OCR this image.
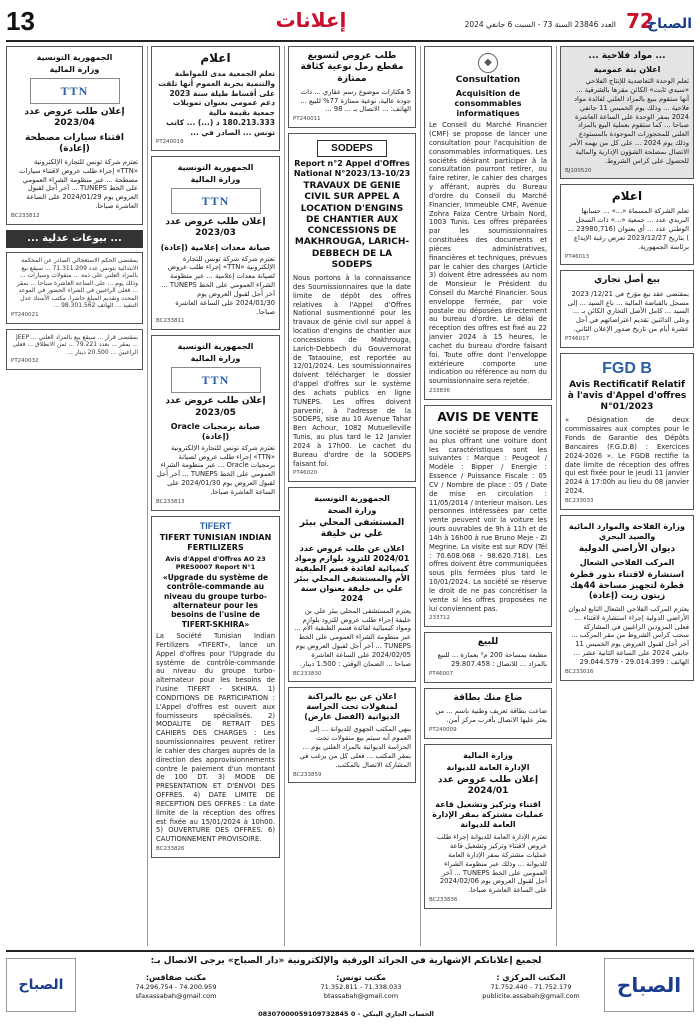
13	إعلانات	العدد 23846 السنة 73 - السبت 6 جانفي 2024 72
الصباح
... مواد فلاحية ...
اعلان بتة عمومية
تعلم الوحدة التعاضدية للإنتاج الفلاحي «سيدي ثابت» الكائن مقرها بالشرقية ... أنها ستقوم ببيع بالمزاد العلني لفائدة مواد فلاحية ... وذلك يوم الخميس 11 جانفي 2024 بمقر الوحدة على الساعة العاشرة صباحا ... كما ستقوم بعملية البيع بالمزاد العلني للمحجوزات الموجودة بالمستودع وذلك يوم 2024 ... على كل من يهمه الأمر الاتصال بمصلحة الشؤون الإدارية والمالية للحصول على كراس الشروط.
BJ100520
اعلام
تعلم الشركة المسماة «...» ... حسابها البريدي عدد ... جمعية «...» ذات السجل الوطني عدد ... أي بعنوان (23980,716 ... ) بتاريخ 2023/12/27 تعرض رغبة الإيداع برئاسة الجمهورية.
PT46013
بيع أصل تجاري
بمقتضى عقد بيع مؤرخ في 12/21/ 2023 مسجل بالقباضة المالية ... باع السيد ... إلى السيد ... كامل الأصل التجاري الكائن بـ ... وعلى الدائنين تقديم اعتراضاتهم في أجل عشرة أيام من تاريخ صدور الإعلان الثاني.
PT46017
FGD B
Avis Rectificatif Relatif à l'avis d'Appel d'offres N°01/2023
« Désignation de deux commissaires aux comptes pour le Fonds de Garantie des Dépôts Bancaires (F.G.D.B) : Exercices 2024-2026 ». Le FGDB rectifie la date limite de réception des offres qui est fixée pour le jeudi 11 janvier 2024 à 17:00h au lieu du 08 janvier 2024.
BC233033
وزارة الفلاحة والموارد المائية والصيد البحري
ديوان الأراضي الدولية
المركب الفلاحي الشعال
استشارة لاقتناء بذور قطرة قطرة لتجهيز مساحة 44هك زيتون زيت (إعادة)
يعتزم المركب الفلاحي الشعال التابع لديوان الأراضي الدولية إجراء استشارة لاقتناء ... فعلى المزودين الراغبين في المشاركة سحب كراس الشروط من مقر المركب ... آخر أجل لقبول العروض يوم الخميس 11 جانفي 2024 على الساعة الثانية عشر ... الهاتف : 29.014.399 - 29.044.579
BC233016
◆
Consultation
Acquisition de consommables informatiques
Le Conseil du Marché Financier (CMF) se propose de lancer une consultation pour l'acquisition de consommables informatiques. Les sociétés désirant participer à la consultation pourront retirer, ou faire retirer, le cahier des charges y afférant, auprès du Bureau d'ordre du Conseil du Marché Financier, Immeuble CMF, Avenue Zohra Faiza Centre Urbain Nord, 1003 Tunis. Les offres préparées par les soumissionnaires constituées des documents et pièces administratives, financières et techniques, prévues par le cahier des charges (Article 3) doivent être adressées au nom de Monsieur le Président du Conseil du Marché Financier. Sous enveloppe fermée, par voie postale ou déposées directement au bureau d'ordre. Le délai de réception des offres est fixé au 22 janvier 2024 à 15 heures, le cachet du bureau d'ordre faisant foi. Toute offre dont l'enveloppe extérieure comporte une indication ou référence au nom du soumissionnaire sera rejetée.
233836
AVIS DE VENTE
Une société se propose de vendre au plus offrant une voiture dont les caractéristiques sont les suivantes : Marque : Peugeot / Modèle : Bipper / Energie : Essence / Puissance Fiscale : 05 CV / Nombre de place : 05 / Date de mise en circulation : 11/05/2014 / Interieur maison. Les personnes intéressées par cette vente peuvent voir la voiture les jours ouvrables de 9h à 11h et de 14h à 16h00 à rue Bruno Meje - ZI Megrine. La visite est sur RDV (Tél : 70.608.068 - 98.620.718). Les offres doivent être communiquées sous plis fermées plus tard le 10/01/2024. La société se réserve le droit de ne pas concrétiser la vente si les offres proposées ne lui conviennent pas.
233712
للبيع
مطبعة بمساحة 200 م² بعمارة ... للبيع بالمزاد ... للاتصال : 29.807.458
PT46007
ضاع منك بطاقة
ضاعت بطاقة تعريف وطنية باسم ... من يعثر عليها الاتصال بأقرب مركز أمن.
PT240009
وزارة المالية
الإدارة العامة للديوانة
إعلان طلب عروض عدد 2024/01
اقتناء وتركيز وتشغيل قاعة عمليات مشتركة بمقر الإدارة العامة للديوانة
تعتزم الإدارة العامة للديوانة إجراء طلب عروض لاقتناء وتركيز وتشغيل قاعة عمليات مشتركة بمقر الإدارة العامة للديوانة ... وذلك عبر منظومة الشراء العمومي على الخط TUNEPS ... آخر أجل لقبول العروض يوم 2024/02/06 على الساعة العاشرة صباحا.
BC233836
طلب عروض لتسويغ مقطع رمل نوعية كثافة ممتازة
5 هكتارات موضوع رسم عقاري ... ذات جودة عالية، نوعية ممتازة 77% للبيع ... الهاتف: ... الاتصال بـ ... 98 ...
PT240011
SODEPS
Report n°2 Appel d'Offres National N°2023/13-10/23
TRAVAUX DE GENIE CIVIL SUR APPEL A LOCATION D'ENGINS DE CHANTIER AUX CONCESSIONS DE MAKHROUGA, LARICH-DEBBECH DE LA SODEPS
Nous portons à la connaissance des Soumissionnaires que la date limite de dépôt des offres relatives à l'Appel d'Offres National susmentionné pour les travaux de génie civil sur appel à location d'engins de chantier aux concessions de Makhrouga, Larich-Debbech du Gouvernorat de Tataouine, est reportée au 12/01/2024. Les soumissionnaires doivent télécharger le dossier d'appel d'offres sur le système des achats publics en ligne TUNEPS. Les offres doivent parvenir, à l'adresse de la SODEPS, sise au 10 Avenue Tahar Ben Achour, 1082 Mutuelleville Tunis, au plus tard le 12 Janvier 2024 à 17h00. Le cachet du Bureau d'ordre de la SODEPS faisant foi.
PT46020
الجمهورية التونسية
وزارة الصحة
المستشفى المحلي ببئر علي بن خليفة
اعلان عن طلب عروض عدد 2024/01 للتزود بلوازم ومواد كيميائية لفائدة قسم الطبقية الأم والمستشفى المحلي ببئر علي بن خليفة بعنوان سنة 2024
يعتزم المستشفى المحلي ببئر علي بن خليفة إجراء طلب عروض للتزود بلوازم ومواد كيميائية لفائدة قسم الطبقية الأم ... عبر منظومة الشراء العمومي على الخط TUNEPS ... آخر أجل لقبول العروض يوم 2024/02/05 على الساعة العاشرة صباحا ... الضمان الوقتي : 1.500 دينار.
BC233830
اعلان عن بيع بالمراكنة لمنقولات تحت الحراسة الديوانية (الفصل عارض)
ينهي المكتب الجهوي للديوانة ... إلى العموم أنه سيتم بيع منقولات تحت الحراسة الديوانية بالمزاد العلني يوم ... بمقر المكتب ... فعلى كل من يرغب في المشاركة الاتصال بالمكتب.
BC233859
اعلام
تعلم الجمعية مدى للمواطنة والتنمية بجربة العموم أنها تلقت على أقساط طيلة سنة 2023 دعم عمومي بعنوان تمويلات جمعية بقيمة مالية 180.213.333 د (...) ... كاتب تونس ... الصادر في ...
PT240018
الجمهورية التونسية
وزارة المالية
TTN
إعلان طلب عروض عدد 2023/03
صيانة معدات إعلامية (إعادة)
تعتزم شركة شركة تونس للتجارة الإلكترونية «TTN» إجراء طلب عروض لصيانة معدات إعلامية ... عبر منظومة الشراء العمومي على الخط TUNEPS ... آخر أجل لقبول العروض يوم 2024/01/30 على الساعة العاشرة صباحا.
BC233811
الجمهورية التونسية
وزارة المالية
TTN
إعلان طلب عروض عدد 2023/05
صيانة برمجيات Oracle (إعادة)
تعتزم شركة تونس للتجارة الإلكترونية «TTN» إجراء طلب عروض لصيانة برمجيات Oracle ... عبر منظومة الشراء العمومي على الخط TUNEPS ... آخر أجل لقبول العروض يوم 2024/01/30 على الساعة العاشرة صباحا.
BC233813
TIFERT
TIFERT TUNISIAN INDIAN FERTILIZERS
Avis d'Appel d'Offres AO 23 PRES0007 Report N°1
«Upgrade du système de contrôle-commande au niveau du groupe turbo-alternateur pour les besoins de l'usine de TIFERT-SKHIRA»
La Société Tunisian Indian Fertilizers «TIFERT», lance un Appel d'offres pour l'Upgrade du système de contrôle-commande au niveau du groupe turbo-alternateur pour les besoins de l'usine TIFERT - SKHIRA. 1) CONDITIONS DE PARTICIPATION : L'Appel d'offres est ouvert aux fournisseurs spécialisés. 2) MODALITE DE RETRAIT DES CAHIERS DES CHARGES : Les soumissionnaires peuvent retirer le cahier des charges auprès de la direction des approvisionnements contre le paiement d'un montant de 100 DT. 3) MODE DE PRESENTATION ET D'ENVOI DES OFFRES. 4) DATE LIMITE DE RECEPTION DES OFFRES : La date limite de la réception des offres est fixée au 15/01/2024 à 10h00. 5) OUVERTURE DES OFFRES. 6) CAUTIONNEMENT PROVISOIRE.
BC233826
الجمهورية التونسية
وزارة المالية
TTN
إعلان طلب عروض عدد 2023/04
اقتناء سيارات مصطحة (إعادة)
تعتزم شركة تونس للتجارة الإلكترونية «TTN» إجراء طلب عروض لاقتناء سيارات مصطحة ... عبر منظومة الشراء العمومي على الخط TUNEPS ... آخر أجل لقبول العروض يوم 2024/01/29 على الساعة العاشرة صباحا.
BC233812
... بيوعات عدلية ...
بمقتضى الحكم الاستعجالي الصادر عن المحكمة الابتدائية بتونس عدد 71.311.209 ... سيقع بيع بالمزاد العلني على ذمة ... منقولات وسيارات ... وذلك يوم ... على الساعة العاشرة صباحا ... بمقر ... فعلى الراغبين في الشراء الحضور في الموعد المحدد وتقديم المبلغ حاضرا. مكتب الأستاذ عدل التنفيذ ... الهاتف 98.301.562 ...
PT240021
بمقتضى قرار ... سيقع بيع بالمزاد العلني ... JEEP ... بمقر ... بعدد 79.221 ... ثمن الانطلاق ... فعلى الراغبين ... 20.500 دينار ...
PT240032
الصباح
الصباح
لجميع إعلاناتكم الإشهارية في الجرائد الورقية والإلكترونية «دار الصباح» يرجى الاتصال بـ:
المكتب المركزي :
71.752.179 - 71.752.440
publicite.assabah@gmail.com
مكتب تونس:
71.338.033 - 71.352.811
btassabah@gmail.com
مكتب صفاقس:
74.200.959 - 74.296.754
sfaxassabah@gmail.com
08307000059109732845 0 - الحساب الجاري البنكي
